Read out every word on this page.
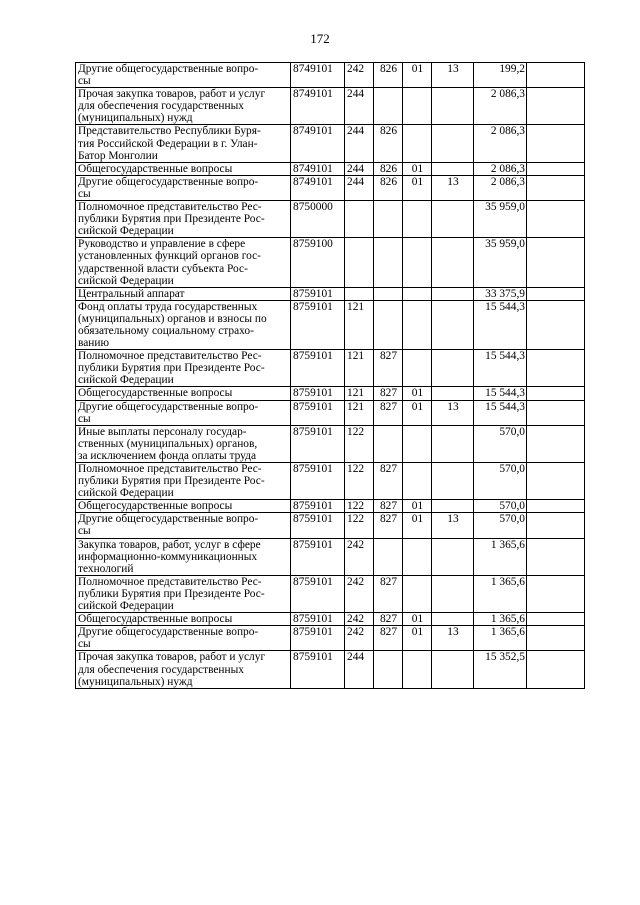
172
Другие общегосударственные вопро-
сы	8749101	242	826	01	13	199,2	

Прочая закупка товаров, работ и услуг
для обеспечения государственных
(муниципальных) нужд	8749101	244				2 086,3	

Представительство Республики Буря-
тия Российской Федерации в г. Улан-
Батор Монголии	8749101	244	826			2 086,3	

Общегосударственные вопросы	8749101	244	826	01		2 086,3	

Другие общегосударственные вопро-
сы	8749101	244	826	01	13	2 086,3	

Полномочное представительство Рес-
публики Бурятия при Президенте Рос-
сийской Федерации	8750000					35 959,0	

Руководство и управление в сфере
установленных функций органов гос-
ударственной власти субъекта Рос-
сийской Федерации	8759100					35 959,0	

Центральный аппарат	8759101					33 375,9	

Фонд оплаты труда государственных
(муниципальных) органов и взносы по
обязательному социальному страхо-
ванию	8759101	121				15 544,3	

Полномочное представительство Рес-
публики Бурятия при Президенте Рос-
сийской Федерации	8759101	121	827			15 544,3	

Общегосударственные вопросы	8759101	121	827	01		15 544,3	

Другие общегосударственные вопро-
сы	8759101	121	827	01	13	15 544,3	

Иные выплаты персоналу государ-
ственных (муниципальных) органов,
за исключением фонда оплаты труда	8759101	122				570,0	

Полномочное представительство Рес-
публики Бурятия при Президенте Рос-
сийской Федерации	8759101	122	827			570,0	

Общегосударственные вопросы	8759101	122	827	01		570,0	

Другие общегосударственные вопро-
сы	8759101	122	827	01	13	570,0	

Закупка товаров, работ, услуг в сфере
информационно-коммуникационных
технологий	8759101	242				1 365,6	

Полномочное представительство Рес-
публики Бурятия при Президенте Рос-
сийской Федерации	8759101	242	827			1 365,6	

Общегосударственные вопросы	8759101	242	827	01		1 365,6	

Другие общегосударственные вопро-
сы	8759101	242	827	01	13	1 365,6	

Прочая закупка товаров, работ и услуг
для обеспечения государственных
(муниципальных) нужд	8759101	244				15 352,5	
